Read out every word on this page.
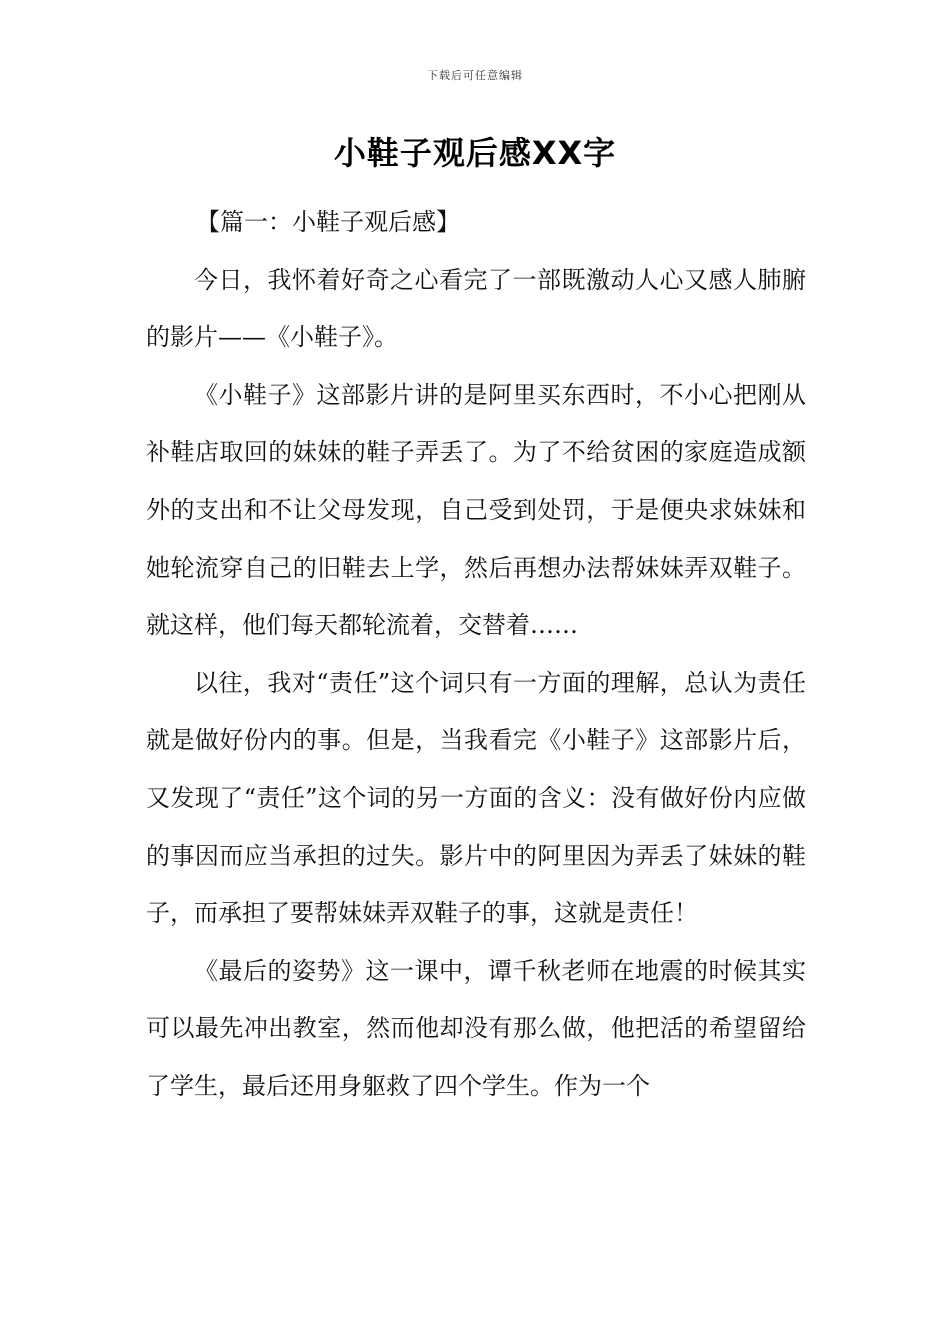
下载后可任意编辑
小鞋子观后感XX字

【篇一：小鞋子观后感】

今日，我怀着好奇之心看完了一部既激动人心又感人肺腑的影片——《小鞋子》。

《小鞋子》这部影片讲的是阿里买东西时，不小心把刚从补鞋店取回的妹妹的鞋子弄丢了。为了不给贫困的家庭造成额外的支出和不让父母发现，自己受到处罚，于是便央求妹妹和她轮流穿自己的旧鞋去上学，然后再想办法帮妹妹弄双鞋子。就这样，他们每天都轮流着，交替着……

以往，我对“责任”这个词只有一方面的理解，总认为责任就是做好份内的事。但是，当我看完《小鞋子》这部影片后，又发现了“责任”这个词的另一方面的含义：没有做好份内应做的事因而应当承担的过失。影片中的阿里因为弄丢了妹妹的鞋子，而承担了要帮妹妹弄双鞋子的事，这就是责任！

《最后的姿势》这一课中，谭千秋老师在地震的时候其实可以最先冲出教室，然而他却没有那么做，他把活的希望留给了学生，最后还用身躯救了四个学生。作为一个
